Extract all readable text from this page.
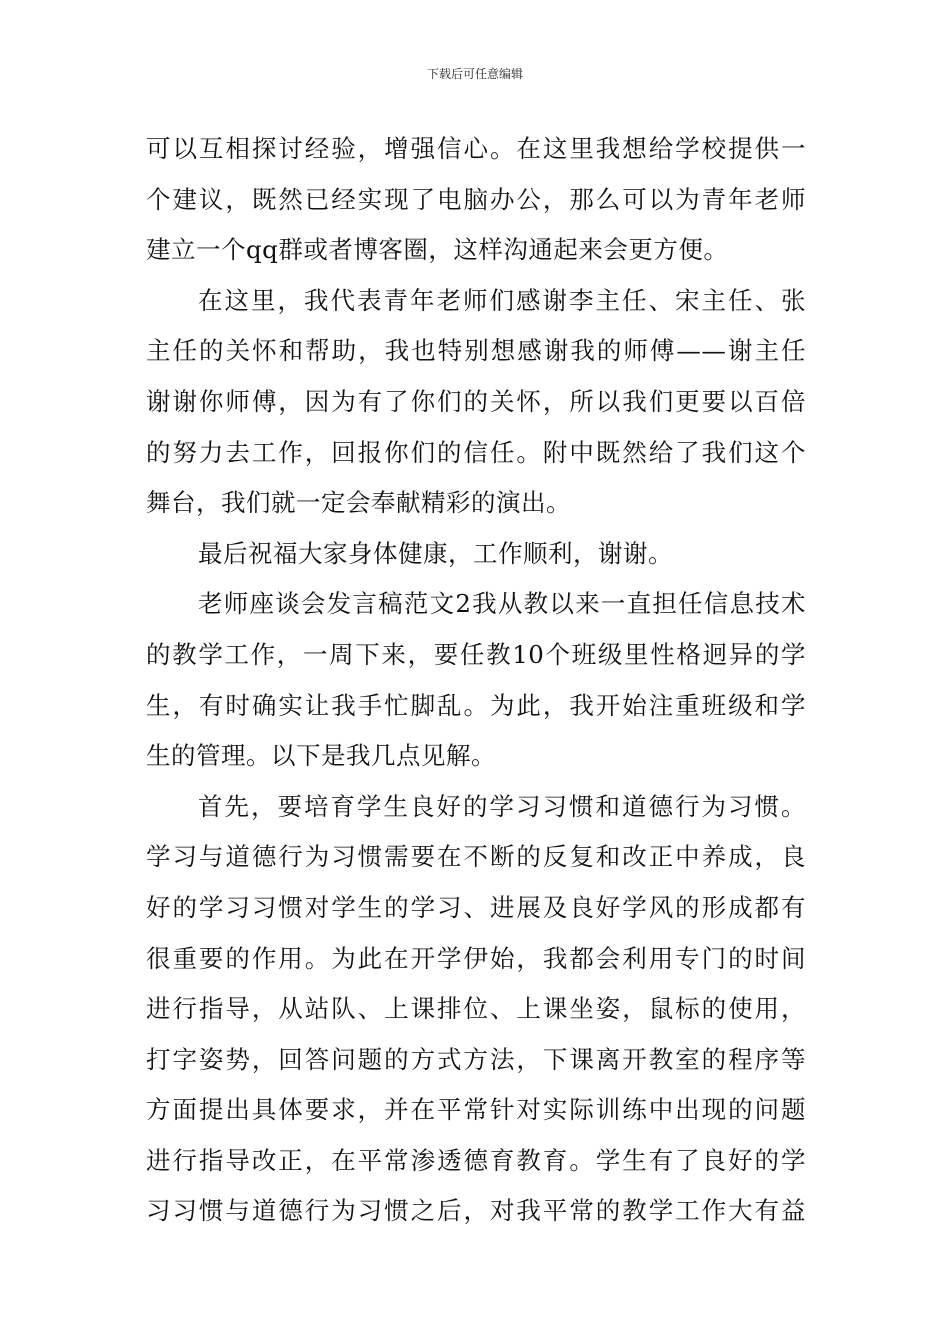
下载后可任意编辑
可以互相探讨经验，增强信心。在这里我想给学校提供一
个建议，既然已经实现了电脑办公，那么可以为青年老师
建立一个qq群或者博客圈，这样沟通起来会更方便。
在这里，我代表青年老师们感谢李主任、宋主任、张
主任的关怀和帮助，我也特别想感谢我的师傅——谢主任
谢谢你师傅，因为有了你们的关怀，所以我们更要以百倍
的努力去工作，回报你们的信任。附中既然给了我们这个
舞台，我们就一定会奉献精彩的演出。
最后祝福大家身体健康，工作顺利，谢谢。
老师座谈会发言稿范文2我从教以来一直担任信息技术
的教学工作，一周下来，要任教10个班级里性格迥异的学
生，有时确实让我手忙脚乱。为此，我开始注重班级和学
生的管理。以下是我几点见解。
首先，要培育学生良好的学习习惯和道德行为习惯。
学习与道德行为习惯需要在不断的反复和改正中养成，良
好的学习习惯对学生的学习、进展及良好学风的形成都有
很重要的作用。为此在开学伊始，我都会利用专门的时间
进行指导，从站队、上课排位、上课坐姿，鼠标的使用，
打字姿势，回答问题的方式方法，下课离开教室的程序等
方面提出具体要求，并在平常针对实际训练中出现的问题
进行指导改正，在平常渗透德育教育。学生有了良好的学
习习惯与道德行为习惯之后，对我平常的教学工作大有益
